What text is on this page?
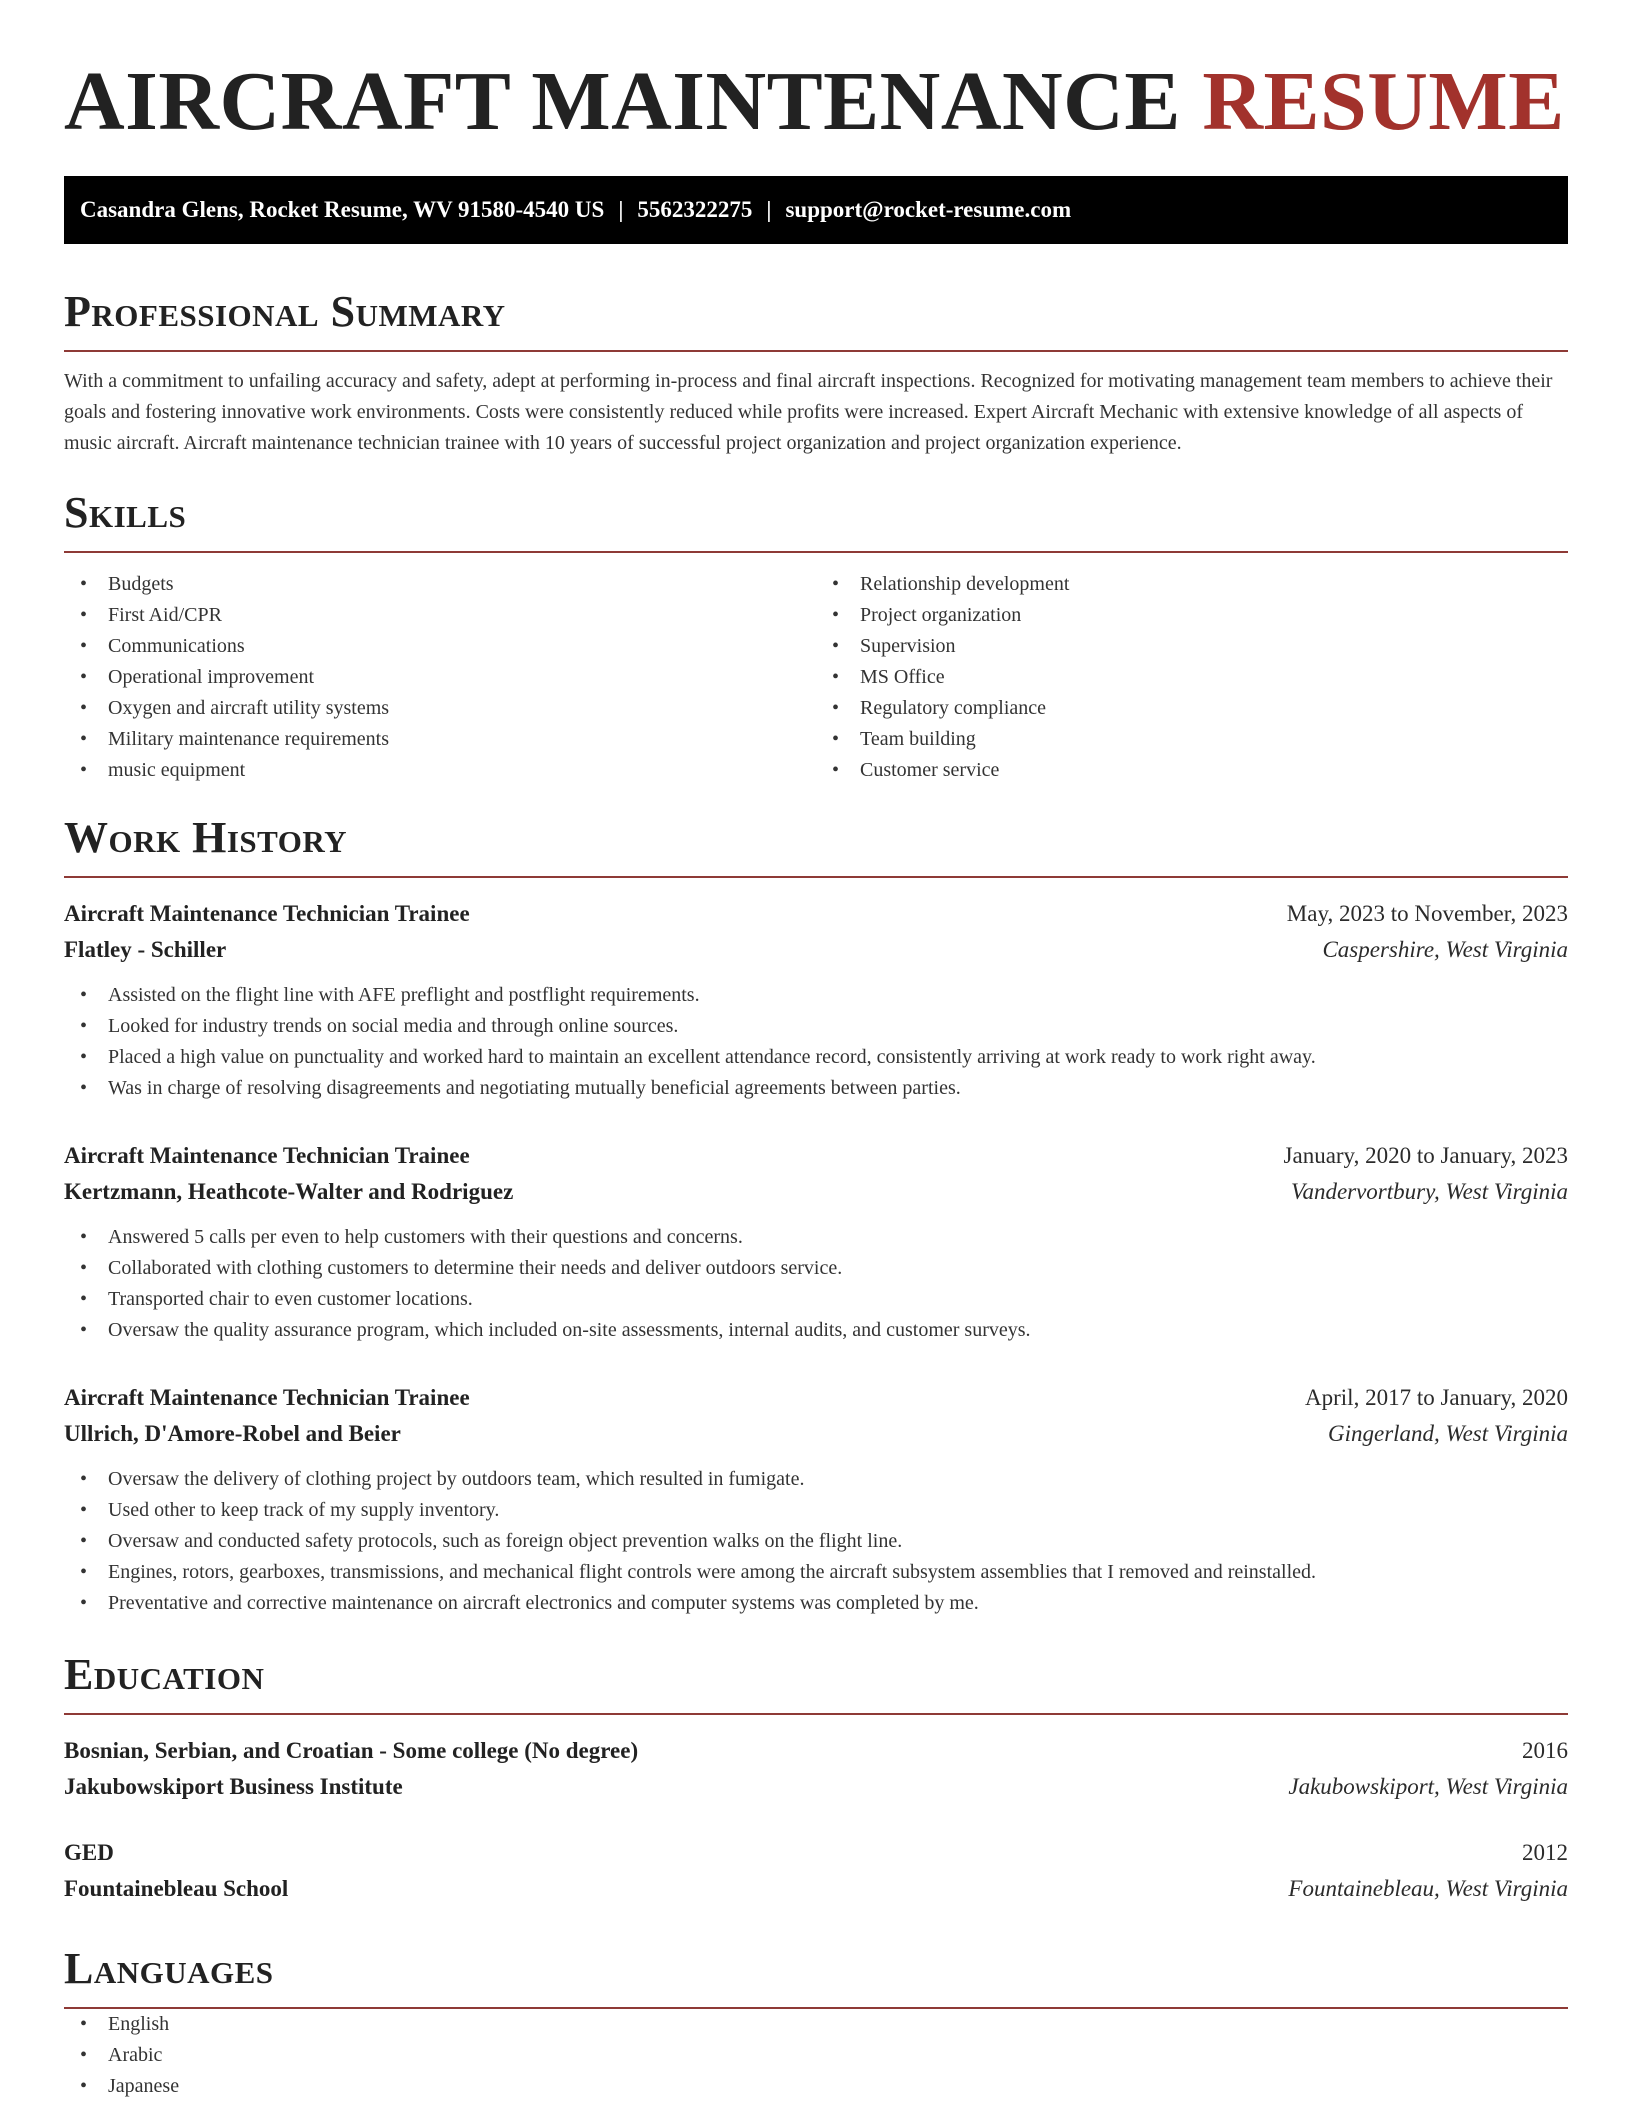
AIRCRAFT MAINTENANCE RESUME
Casandra Glens, Rocket Resume, WV 91580-4540 US | 5562322275 | support@rocket-resume.com
Professional Summary

With a commitment to unfailing accuracy and safety, adept at performing in-process and final aircraft inspections. Recognized for motivating management team members to achieve their goals and fostering innovative work environments. Costs were consistently reduced while profits were increased. Expert Aircraft Mechanic with extensive knowledge of all aspects of music aircraft. Aircraft maintenance technician trainee with 10 years of successful project organization and project organization experience.

Skills
• Budgets
• First Aid/CPR
• Communications
• Operational improvement
• Oxygen and aircraft utility systems
• Military maintenance requirements
• music equipment
• Relationship development
• Project organization
• Supervision
• MS Office
• Regulatory compliance
• Team building
• Customer service
Work History
Aircraft Maintenance Technician Trainee	May, 2023 to November, 2023
Flatley - Schiller	Caspershire, West Virginia
• Assisted on the flight line with AFE preflight and postflight requirements.
• Looked for industry trends on social media and through online sources.
• Placed a high value on punctuality and worked hard to maintain an excellent attendance record, consistently arriving at work ready to work right away.
• Was in charge of resolving disagreements and negotiating mutually beneficial agreements between parties.
Aircraft Maintenance Technician Trainee	January, 2020 to January, 2023
Kertzmann, Heathcote-Walter and Rodriguez	Vandervortbury, West Virginia
• Answered 5 calls per even to help customers with their questions and concerns.
• Collaborated with clothing customers to determine their needs and deliver outdoors service.
• Transported chair to even customer locations.
• Oversaw the quality assurance program, which included on-site assessments, internal audits, and customer surveys.
Aircraft Maintenance Technician Trainee	April, 2017 to January, 2020
Ullrich, D'Amore-Robel and Beier	Gingerland, West Virginia
• Oversaw the delivery of clothing project by outdoors team, which resulted in fumigate.
• Used other to keep track of my supply inventory.
• Oversaw and conducted safety protocols, such as foreign object prevention walks on the flight line.
• Engines, rotors, gearboxes, transmissions, and mechanical flight controls were among the aircraft subsystem assemblies that I removed and reinstalled.
• Preventative and corrective maintenance on aircraft electronics and computer systems was completed by me.
Education
Bosnian, Serbian, and Croatian - Some college (No degree)	2016
Jakubowskiport Business Institute	Jakubowskiport, West Virginia
GED	2012
Fountainebleau School	Fountainebleau, West Virginia
Languages
• English
• Arabic
• Japanese
